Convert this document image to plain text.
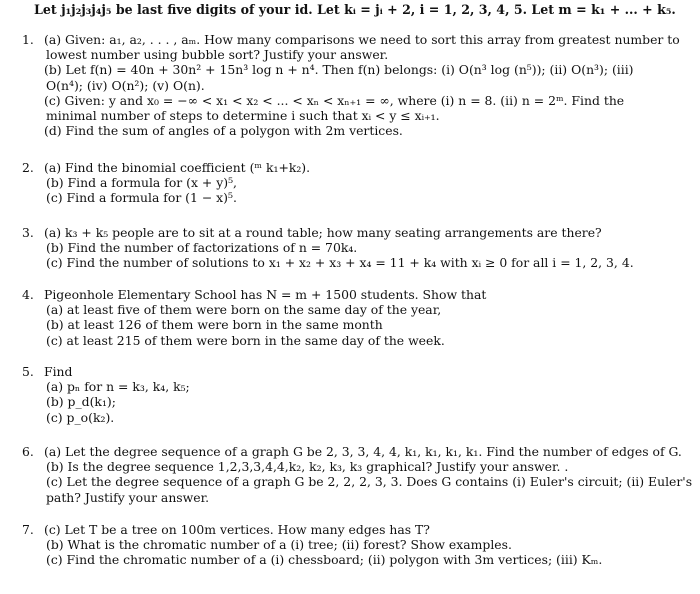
Let j₁j₂j₃j₄j₅ be last five digits of your id. Let kᵢ = jᵢ + 2, i = 1, 2, 3, 4, 5. Let m = k₁ + ... + k₅.
1. (a) Given: a₁, a₂, . . . , aₘ. How many comparisons we need to sort this array from greatest number to
lowest number using bubble sort? Justify your answer.
(b) Let f(n) = 40n + 30n² + 15n³ log n + n⁴. Then f(n) belongs: (i) O(n³ log (n⁵)); (ii) O(n³); (iii)
O(n⁴); (iv) O(n²); (v) O(n).
(c) Given: y and x₀ = −∞ < x₁ < x₂ < ... < xₙ < xₙ₊₁ = ∞, where (i) n = 8. (ii) n = 2ᵐ. Find the
minimal number of steps to determine i such that xᵢ < y ≤ xᵢ₊₁.
(d) Find the sum of angles of a polygon with 2m vertices.
2. (a) Find the binomial coefficient (ᵐ k₁+k₂).
(b) Find a formula for (x + y)⁵,
(c) Find a formula for (1 − x)⁵.
3. (a) k₃ + k₅ people are to sit at a round table; how many seating arrangements are there?
(b) Find the number of factorizations of n = 70k₄.
(c) Find the number of solutions to x₁ + x₂ + x₃ + x₄ = 11 + k₄ with xᵢ ≥ 0 for all i = 1, 2, 3, 4.
4. Pigeonhole Elementary School has N = m + 1500 students. Show that
(a) at least five of them were born on the same day of the year,
(b) at least 126 of them were born in the same month
(c) at least 215 of them were born in the same day of the week.
5. Find
(a) pₙ for n = k₃, k₄, k₅;
(b) p_d(k₁);
(c) p_o(k₂).
6. (a) Let the degree sequence of a graph G be 2, 3, 3, 4, 4, k₁, k₁, k₁, k₁. Find the number of edges of G.
(b) Is the degree sequence 1,2,3,3,4,4,k₂, k₂, k₃, k₃ graphical? Justify your answer. .
(c) Let the degree sequence of a graph G be 2, 2, 2, 3, 3. Does G contains (i) Euler's circuit; (ii) Euler's
path? Justify your answer.
7. (c) Let T be a tree on 100m vertices. How many edges has T?
(b) What is the chromatic number of a (i) tree; (ii) forest? Show examples.
(c) Find the chromatic number of a (i) chessboard; (ii) polygon with 3m vertices; (iii) Kₘ.
